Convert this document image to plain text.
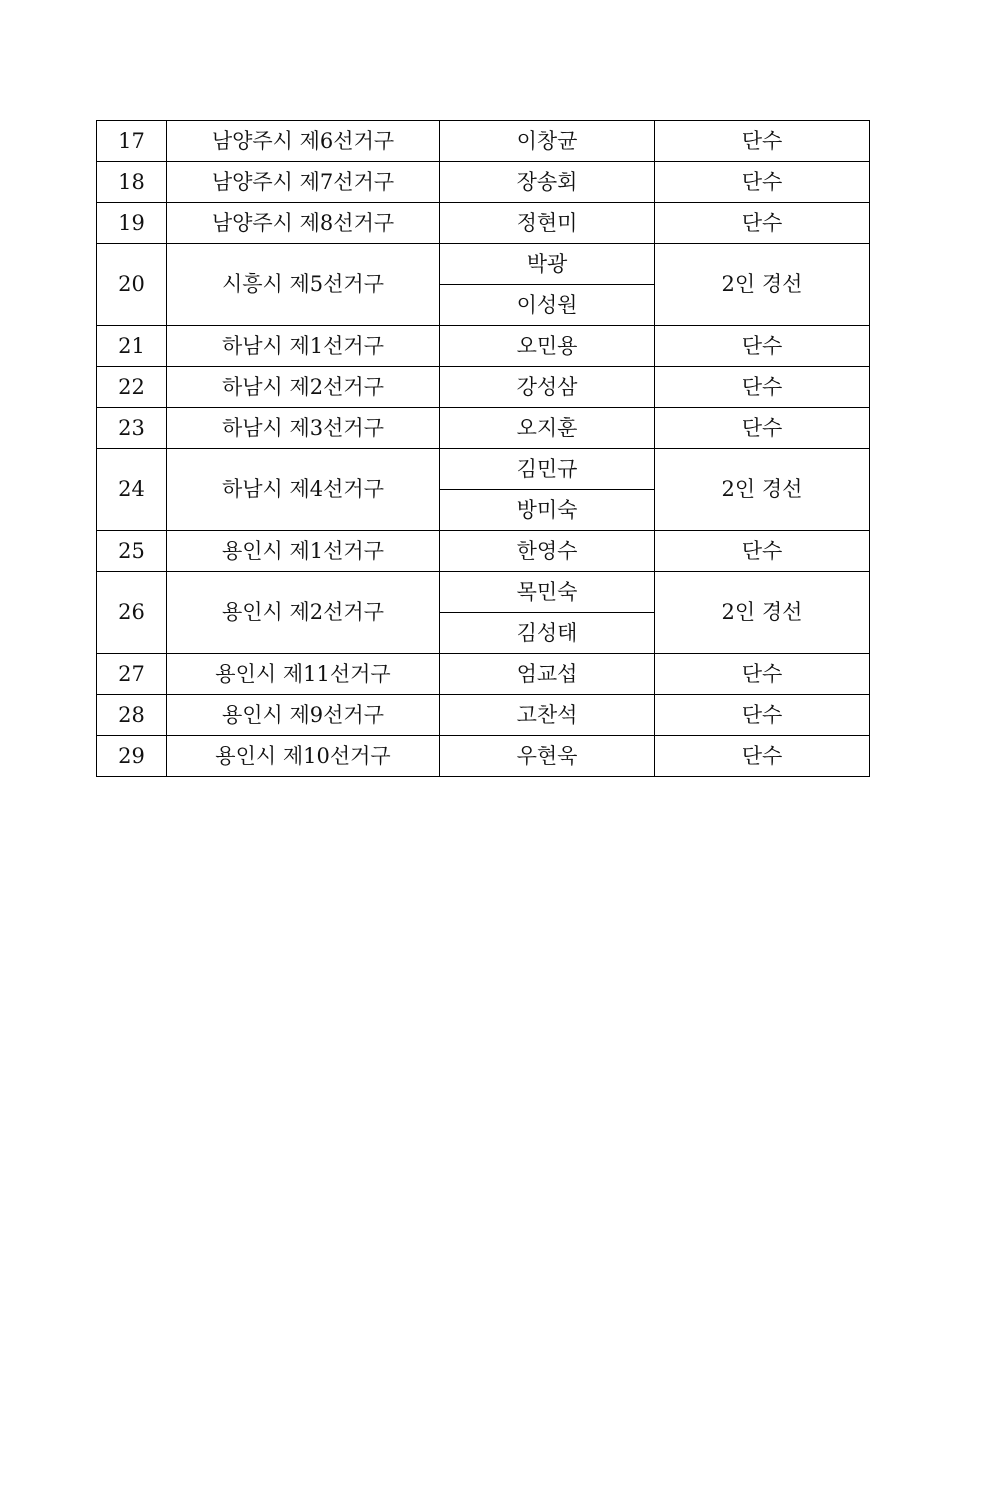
17	남양주시 제6선거구	이창균	단수
18	남양주시 제7선거구	장송회	단수
19	남양주시 제8선거구	정현미	단수
20	시흥시 제5선거구	박광	2인 경선
		이성원	
21	하남시 제1선거구	오민용	단수
22	하남시 제2선거구	강성삼	단수
23	하남시 제3선거구	오지훈	단수
24	하남시 제4선거구	김민규	2인 경선
		방미숙	
25	용인시 제1선거구	한영수	단수
26	용인시 제2선거구	목민숙	2인 경선
		김성태	
27	용인시 제11선거구	엄교섭	단수
28	용인시 제9선거구	고찬석	단수
29	용인시 제10선거구	우현욱	단수
